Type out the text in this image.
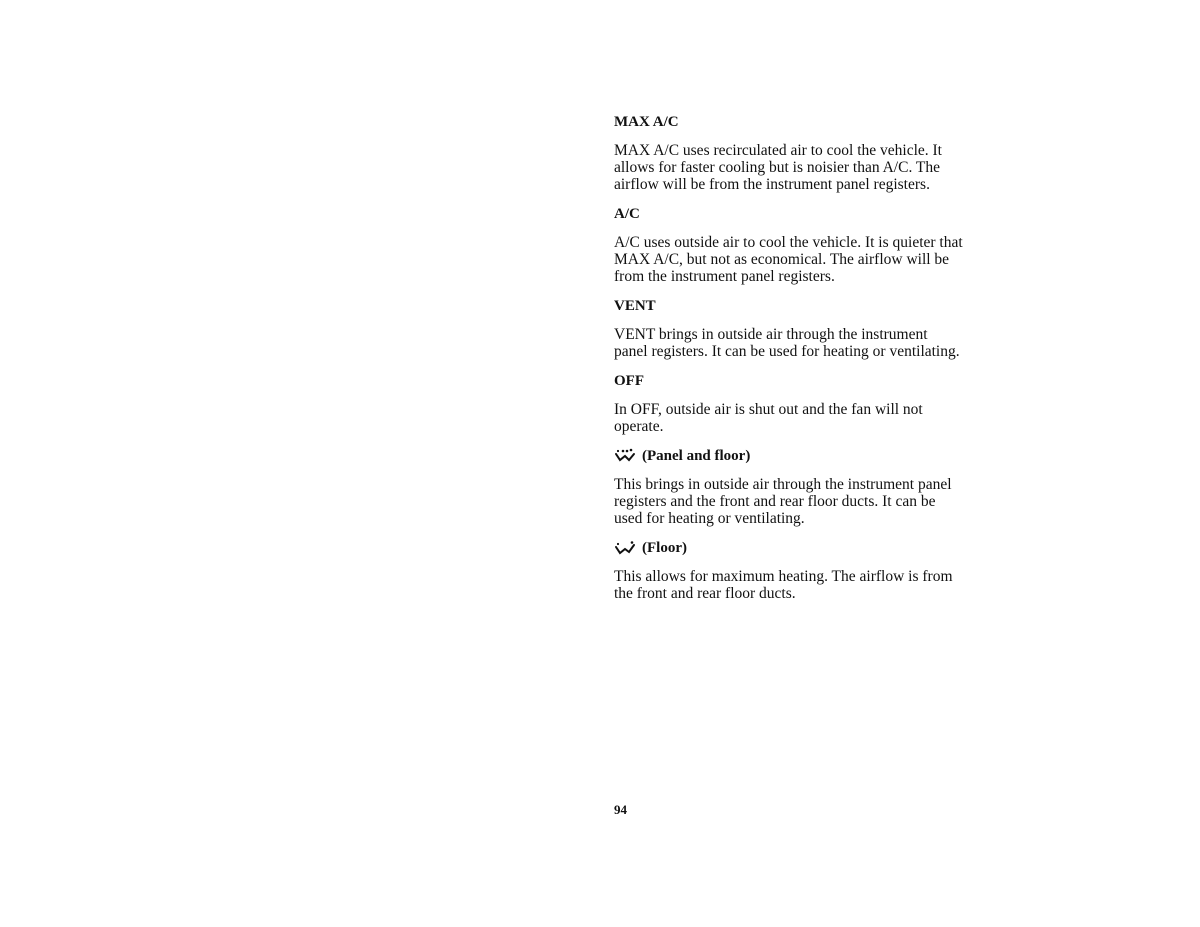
MAX A/C

MAX A/C uses recirculated air to cool the vehicle. It allows for faster cooling but is noisier than A/C. The airflow will be from the instrument panel registers.

A/C

A/C uses outside air to cool the vehicle. It is quieter that MAX A/C, but not as economical. The airflow will be from the instrument panel registers.

VENT

VENT brings in outside air through the instrument panel registers. It can be used for heating or ventilating.

OFF

In OFF, outside air is shut out and the fan will not operate.

(Panel and floor)

This brings in outside air through the instrument panel registers and the front and rear floor ducts. It can be used for heating or ventilating.

(Floor)

This allows for maximum heating. The airflow is from the front and rear floor ducts.

94
